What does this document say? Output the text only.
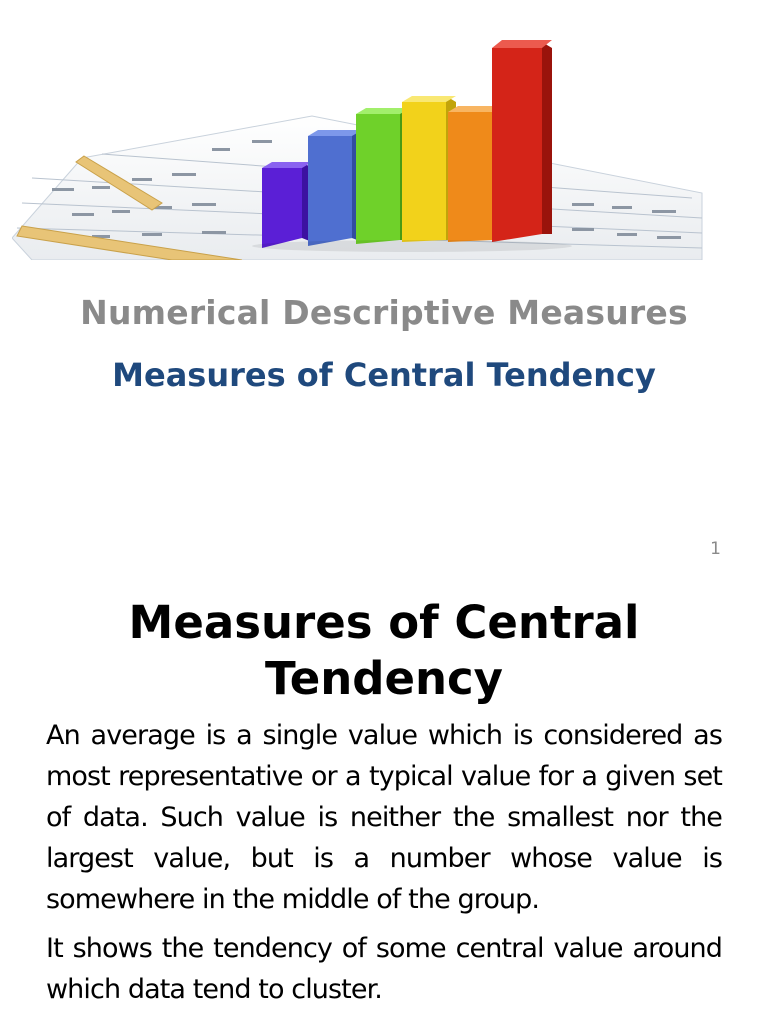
Numerical Descriptive Measures
Measures of Central Tendency
1
Measures of Central Tendency

An average is a single value which is considered as most representative or a typical value for a given set of data. Such value is neither the smallest nor the largest value, but is a number whose value is somewhere in the middle of the group.

It shows the tendency of some central value around which data tend to cluster.
